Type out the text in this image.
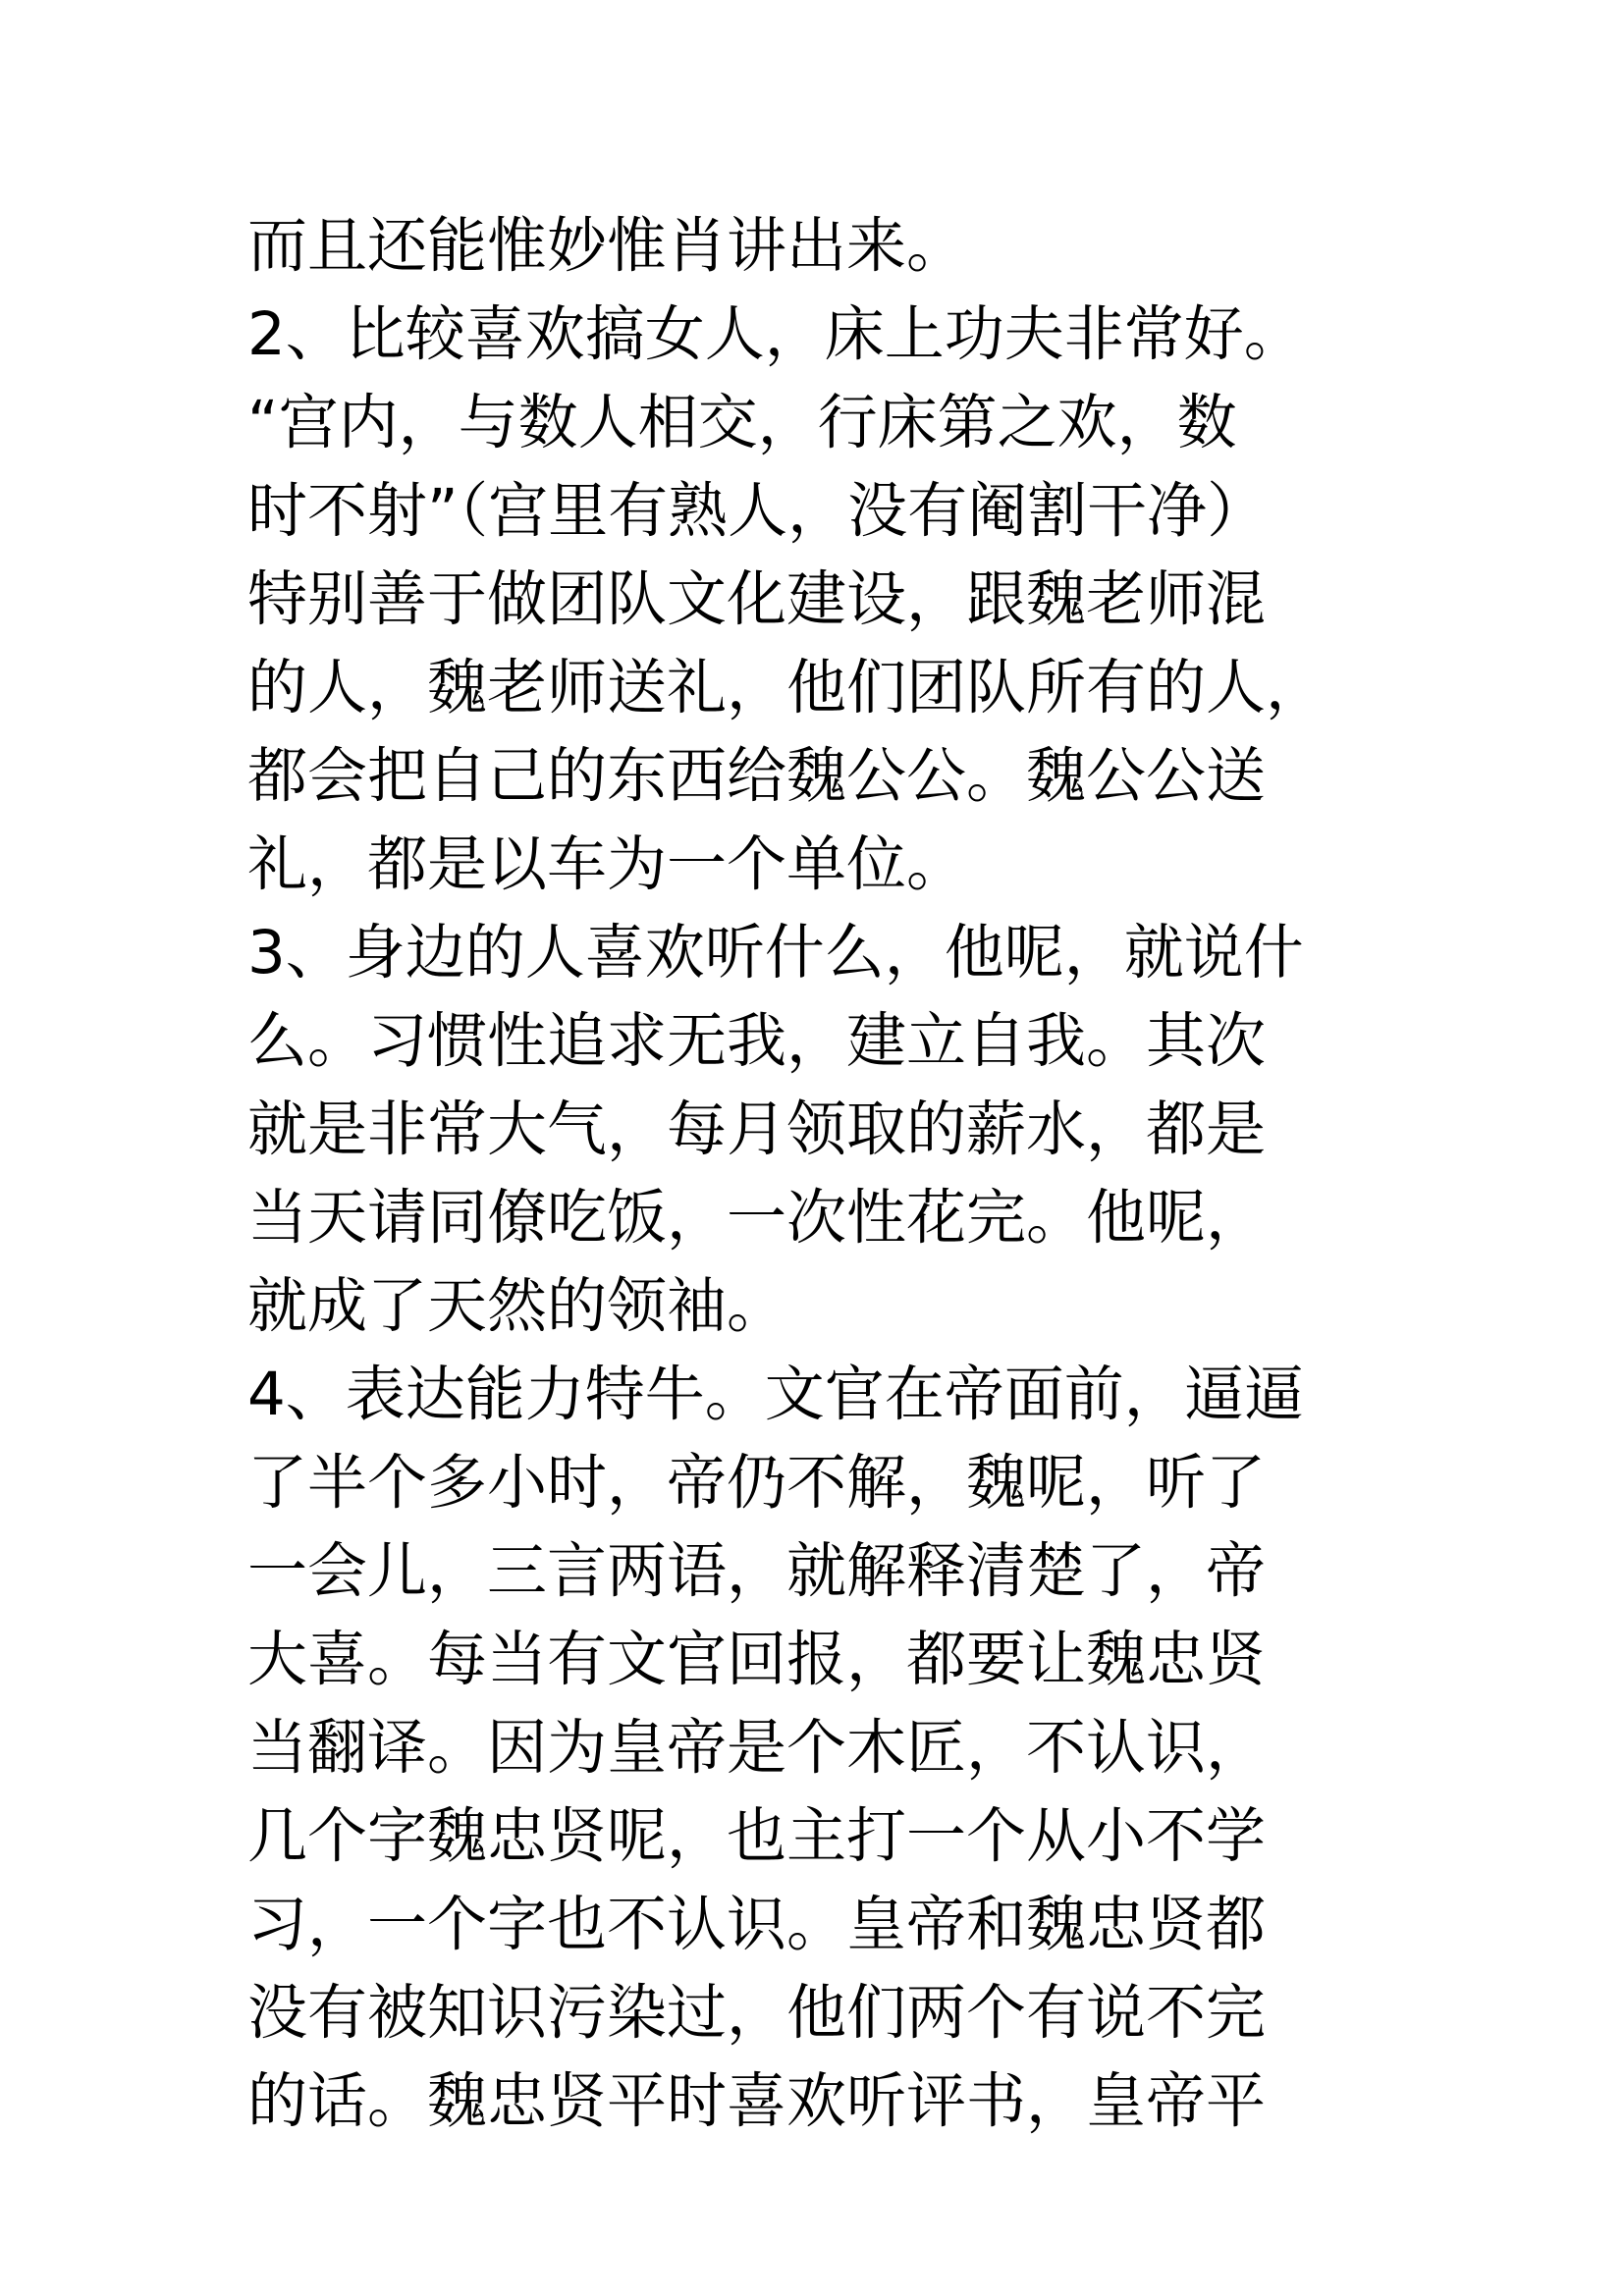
而且还能惟妙惟肖讲出来。
2、比较喜欢搞女人，床上功夫非常好。
“宫内，与数人相交，行床第之欢，数
时不射”（宫里有熟人，没有阉割干净）
特别善于做团队文化建设，跟魏老师混
的人，魏老师送礼，他们团队所有的人，
都会把自己的东西给魏公公。魏公公送
礼，都是以车为一个单位。
3、身边的人喜欢听什么，他呢，就说什
么。习惯性追求无我，建立自我。其次
就是非常大气，每月领取的薪水，都是
当天请同僚吃饭，一次性花完。他呢，
就成了天然的领袖。
4、表达能力特牛。文官在帝面前，逼逼
了半个多小时，帝仍不解，魏呢，听了
一会儿，三言两语，就解释清楚了，帝
大喜。每当有文官回报，都要让魏忠贤
当翻译。因为皇帝是个木匠，不认识，
几个字魏忠贤呢，也主打一个从小不学
习，一个字也不认识。皇帝和魏忠贤都
没有被知识污染过，他们两个有说不完
的话。魏忠贤平时喜欢听评书，皇帝平
